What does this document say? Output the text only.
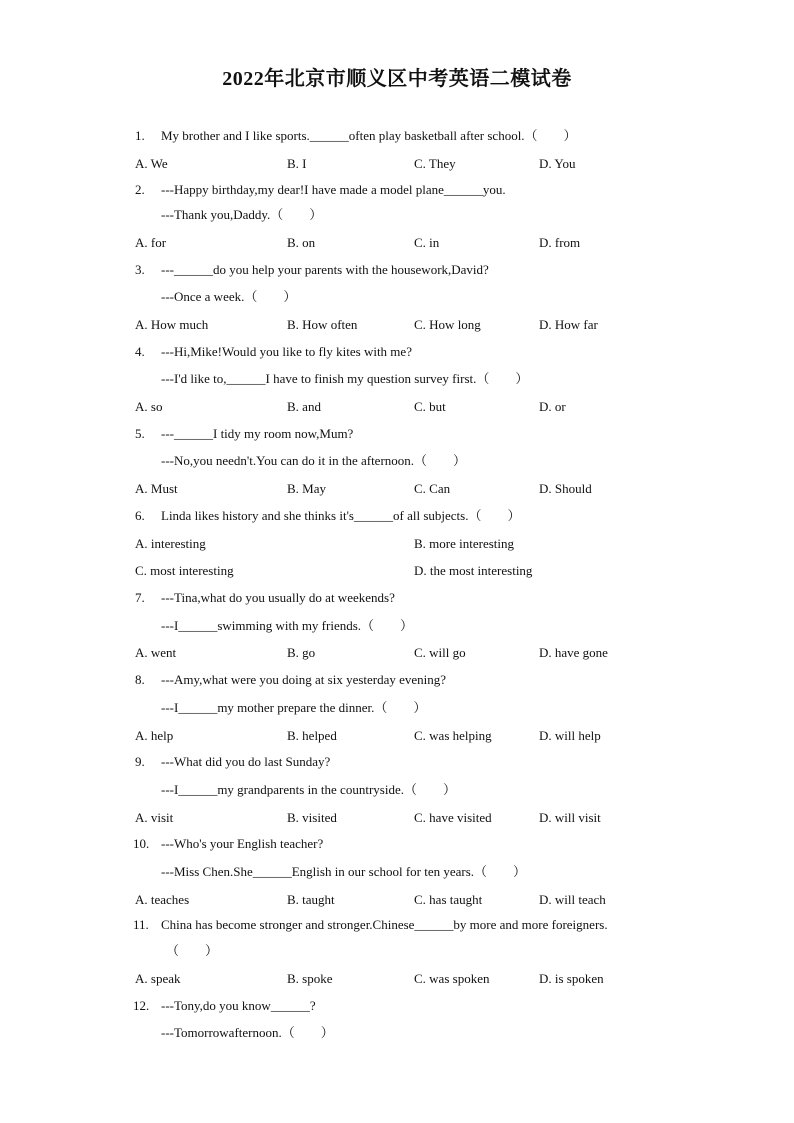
2022年北京市顺义区中考英语二模试卷
1. My brother and I like sports.______often play basketball after school.（　　）
A. We	B. I	C. They	D. You
2. ---Happy birthday,my dear!I have made a model plane______you.
---Thank you,Daddy.（　　）
A. for	B. on	C. in	D. from
3. ---______do you help your parents with the housework,David?
---Once a week.（　　）
A. How much	B. How often	C. How long	D. How far
4. ---Hi,Mike!Would you like to fly kites with me?
---I'd like to,______I have to finish my question survey first.（　　）
A. so	B. and	C. but	D. or
5. ---______I tidy my room now,Mum?
---No,you needn't.You can do it in the afternoon.（　　）
A. Must	B. May	C. Can	D. Should
6. Linda likes history and she thinks it's______of all subjects.（　　）
A. interesting	B. more interesting
C. most interesting	D. the most interesting
7. ---Tina,what do you usually do at weekends?
---I______swimming with my friends.（　　）
A. went	B. go	C. will go	D. have gone
8. ---Amy,what were you doing at six yesterday evening?
---I______my mother prepare the dinner.（　　）
A. help	B. helped	C. was helping	D. will help
9. ---What did you do last Sunday?
---I______my grandparents in the countryside.（　　）
A. visit	B. visited	C. have visited	D. will visit
10. ---Who's your English teacher?
---Miss Chen.She______English in our school for ten years.（　　）
A. teaches	B. taught	C. has taught	D. will teach
11. China has become stronger and stronger.Chinese______by more and more foreigners.
（　　）
A. speak	B. spoke	C. was spoken	D. is spoken
12. ---Tony,do you know______?
---Tomorrowafternoon.（　　）
